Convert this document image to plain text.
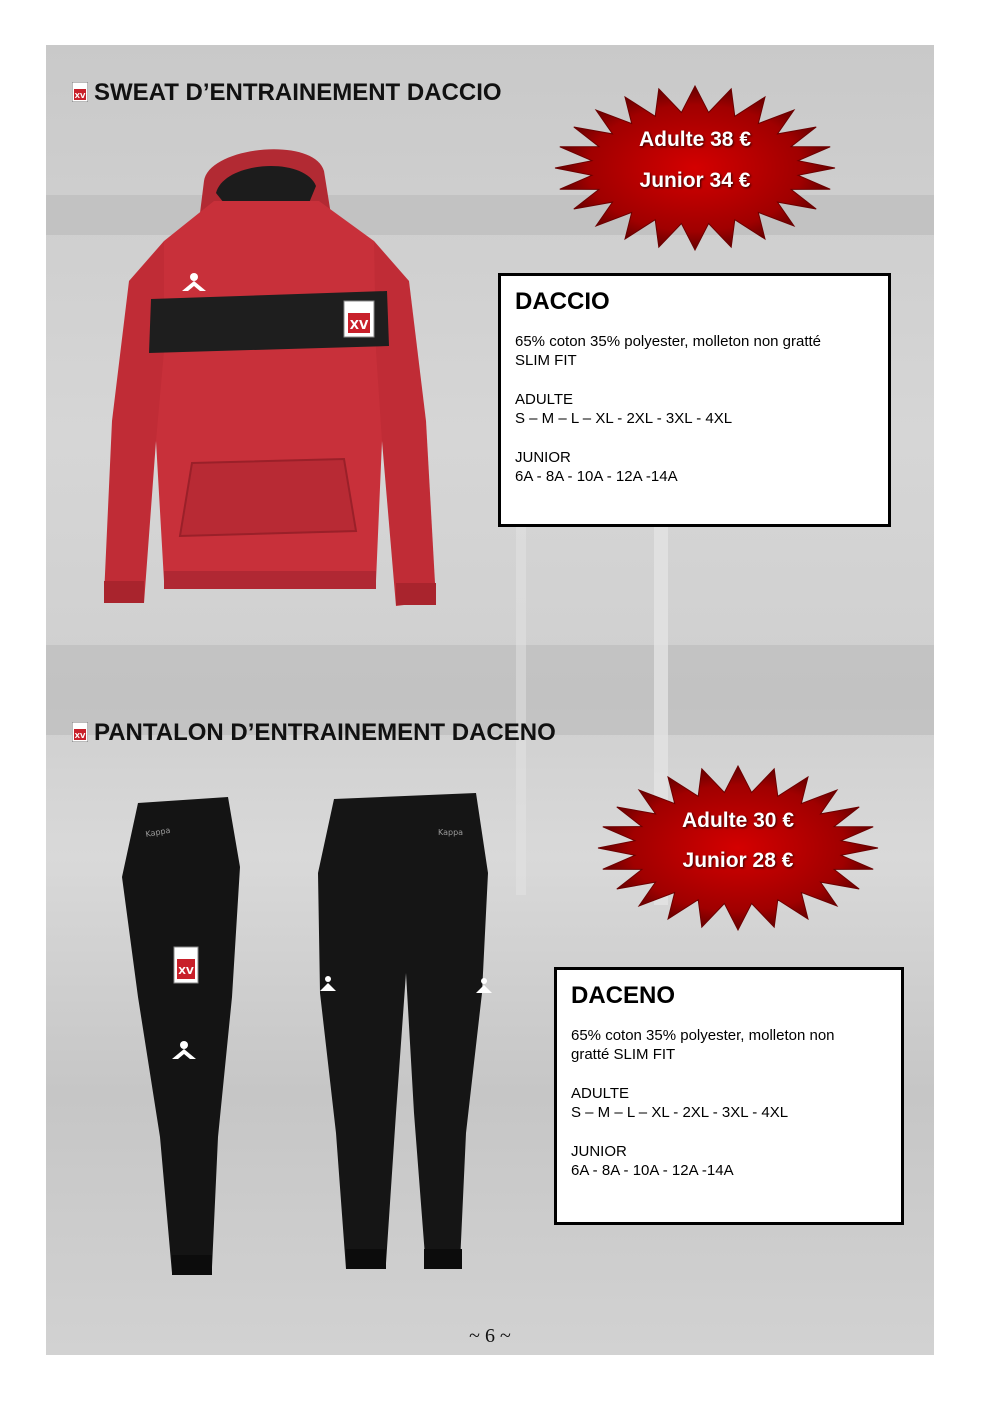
XV SWEAT D’ENTRAINEMENT DACCIO
XV
Adulte 38 €
Junior 34 €
DACCIO
65% coton 35% polyester, molleton non gratté
SLIM FIT
ADULTE
S – M – L – XL - 2XL - 3XL - 4XL
JUNIOR
6A - 8A - 10A - 12A -14A
XV PANTALON D’ENTRAINEMENT DACENO
XV
Kappa	Kappa
Adulte 30 €
Junior 28 €
DACENO
65% coton 35% polyester, molleton non
gratté SLIM FIT
ADULTE
S – M – L – XL - 2XL - 3XL - 4XL
JUNIOR
6A - 8A - 10A - 12A -14A
~ 6 ~
